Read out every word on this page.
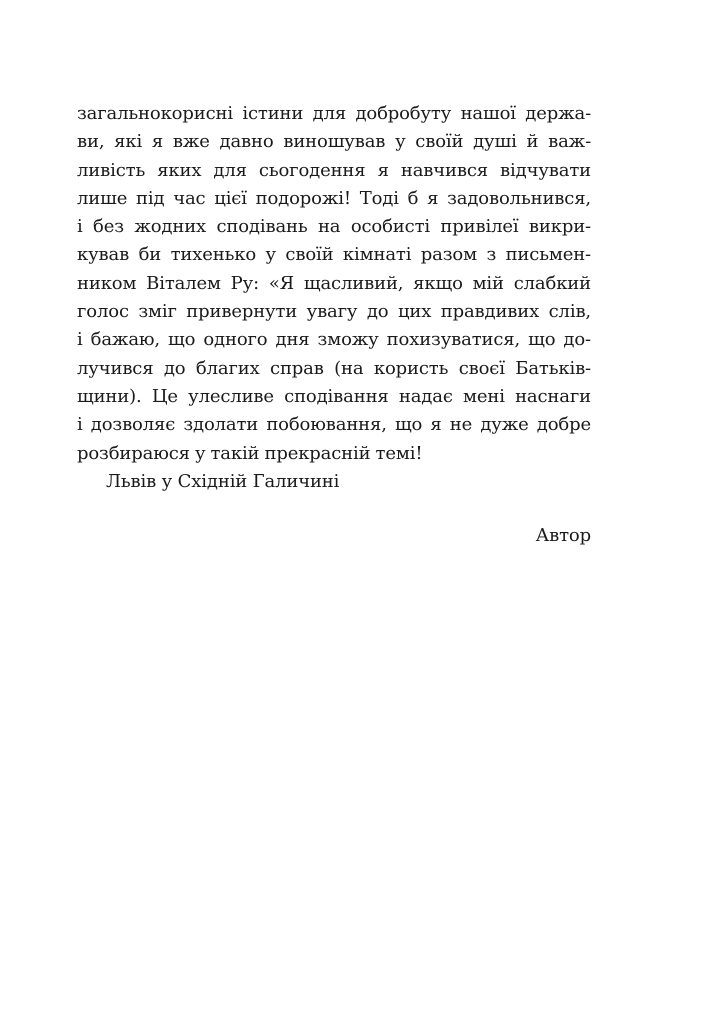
загальнокорисні істини для добробуту нашої держа-
ви, які я вже давно виношував у своїй душі й важ-
ливість яких для сьогодення я навчився відчувати
лише під час цієї подорожі! Тоді б я задовольнився,
і без жодних сподівань на особисті привілеї викри-
кував би тихенько у своїй кімнаті разом з письмен-
ником Віталем Ру: «Я щасливий, якщо мій слабкий
голос зміг привернути увагу до цих правдивих слів,
і бажаю, що одного дня зможу похизуватися, що до-
лучився до благих справ (на користь своєї Батьків-
щини). Це улесливе сподівання надає мені наснаги
і дозволяє здолати побоювання, що я не дуже добре
розбираюся у такій прекрасній темі!
Львів у Східній Галичині
Автор
